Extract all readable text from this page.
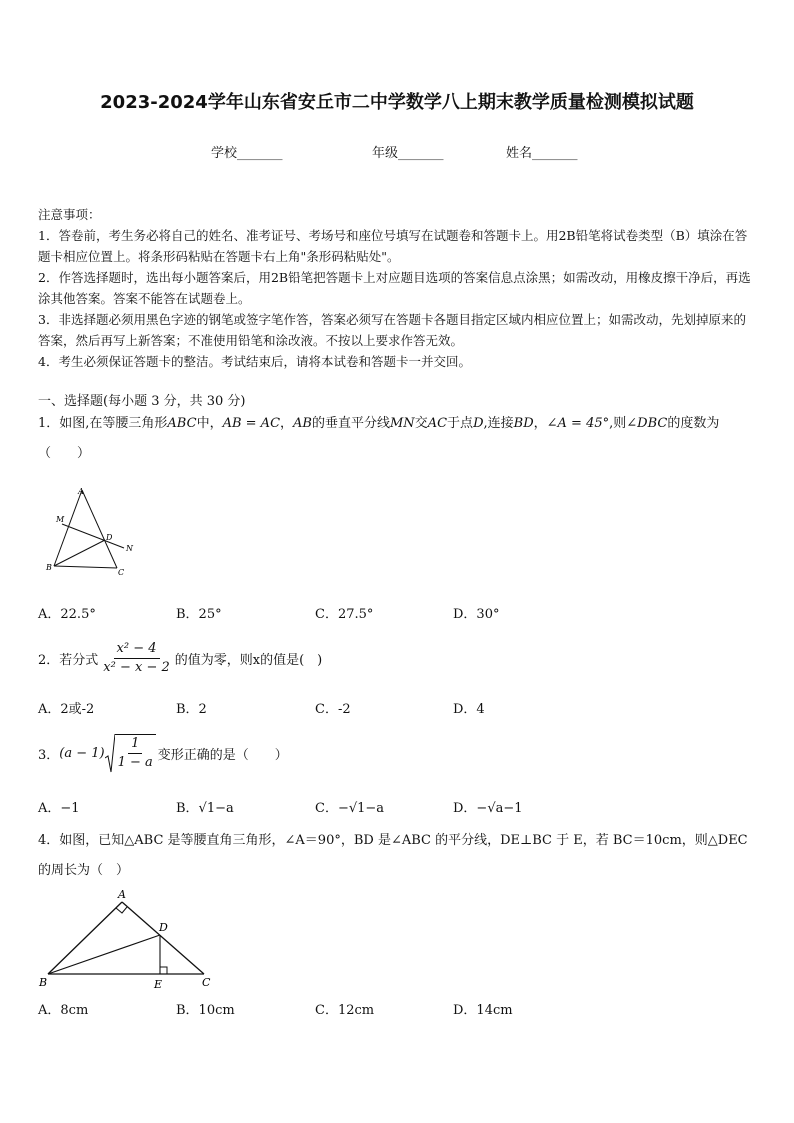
2023-2024学年山东省安丘市二中学数学八上期末教学质量检测模拟试题
学校_______	年级_______	姓名_______

注意事项：

1．答卷前，考生务必将自己的姓名、准考证号、考场号和座位号填写在试题卷和答题卡上。用2B铅笔将试卷类型（B）填涂在答题卡相应位置上。将条形码粘贴在答题卡右上角"条形码粘贴处"。

2．作答选择题时，选出每小题答案后，用2B铅笔把答题卡上对应题目选项的答案信息点涂黑；如需改动，用橡皮擦干净后，再选涂其他答案。答案不能答在试题卷上。

3．非选择题必须用黑色字迹的钢笔或签字笔作答，答案必须写在答题卡各题目指定区域内相应位置上；如需改动，先划掉原来的答案，然后再写上新答案；不准使用铅笔和涂改液。不按以上要求作答无效。

4．考生必须保证答题卡的整洁。考试结束后，请将本试卷和答题卡一并交回。

一、选择题(每小题 3 分，共 30 分)
1．如图,在等腰三角形ABC中，AB = AC，AB的垂直平分线MN交AC于点D,连接BD，∠A = 45°,则∠DBC的度数为（　　）
A
M
D
N
B
C
A．22.5°	B．25°	C．27.5°	D．30°
2． 若分式 $\frac{\text{x² − 4}}{\text{x² − x − 2}}$ 的值为零，则x的值是(　)
A．2或-2	B．2	C．-2	D．4
3． $(a - 1) \frac{1}{1 - a}$ 变形正确的是（　　）
A．−1	B．√1−a	C．−√1−a	D．−√a−1
4．如图，已知△ABC 是等腰直角三角形，∠A＝90°，BD 是∠ABC 的平分线，DE⊥BC 于 E，若 BC＝10cm，则△DEC 的周长为（　）
A
D
B	E	C
A．8cm	B．10cm	C．12cm	D．14cm
